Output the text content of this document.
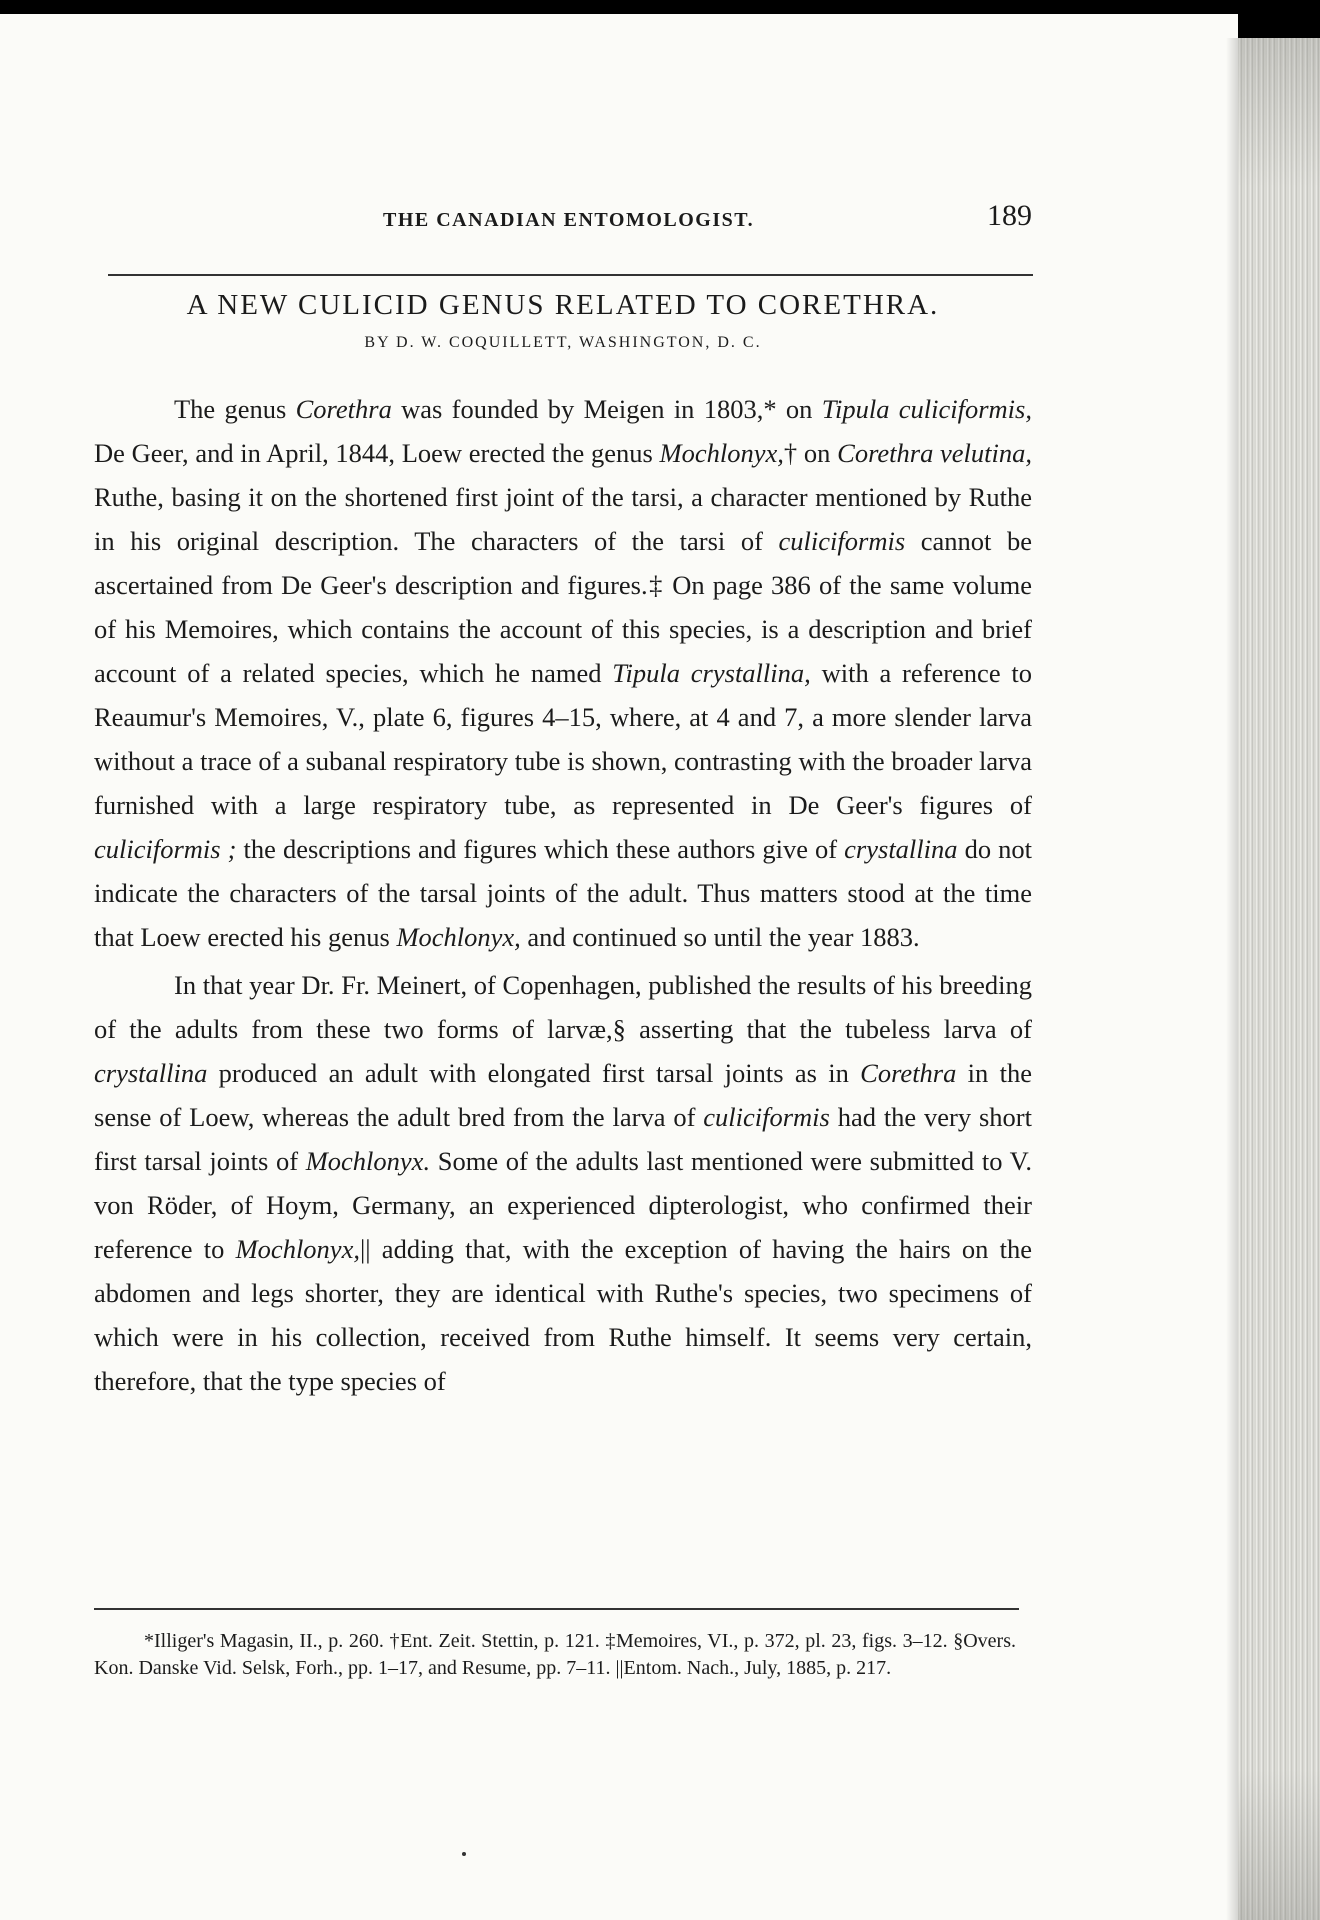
THE CANADIAN ENTOMOLOGIST.	189
A NEW CULICID GENUS RELATED TO CORETHRA.
BY D. W. COQUILLETT, WASHINGTON, D. C.

The genus Corethra was founded by Meigen in 1803,* on Tipula culiciformis, De Geer, and in April, 1844, Loew erected the genus Mochlonyx,† on Corethra velutina, Ruthe, basing it on the shortened first joint of the tarsi, a character mentioned by Ruthe in his original description. The characters of the tarsi of culiciformis cannot be ascertained from De Geer's description and figures.‡ On page 386 of the same volume of his Memoires, which contains the account of this species, is a description and brief account of a related species, which he named Tipula crystallina, with a reference to Reaumur's Memoires, V., plate 6, figures 4–15, where, at 4 and 7, a more slender larva without a trace of a subanal respiratory tube is shown, contrasting with the broader larva furnished with a large respiratory tube, as represented in De Geer's figures of culiciformis ; the descriptions and figures which these authors give of crystallina do not indicate the characters of the tarsal joints of the adult. Thus matters stood at the time that Loew erected his genus Mochlonyx, and continued so until the year 1883.

In that year Dr. Fr. Meinert, of Copenhagen, published the results of his breeding of the adults from these two forms of larvæ,§ asserting that the tubeless larva of crystallina produced an adult with elongated first tarsal joints as in Corethra in the sense of Loew, whereas the adult bred from the larva of culiciformis had the very short first tarsal joints of Mochlonyx. Some of the adults last mentioned were submitted to V. von Röder, of Hoym, Germany, an experienced dipterologist, who confirmed their reference to Mochlonyx,|| adding that, with the exception of having the hairs on the abdomen and legs shorter, they are identical with Ruthe's species, two specimens of which were in his collection, received from Ruthe himself. It seems very certain, therefore, that the type species of

*Illiger's Magasin, II., p. 260. †Ent. Zeit. Stettin, p. 121. ‡Memoires, VI., p. 372, pl. 23, figs. 3–12. §Overs. Kon. Danske Vid. Selsk, Forh., pp. 1–17, and Resume, pp. 7–11. ||Entom. Nach., July, 1885, p. 217.
